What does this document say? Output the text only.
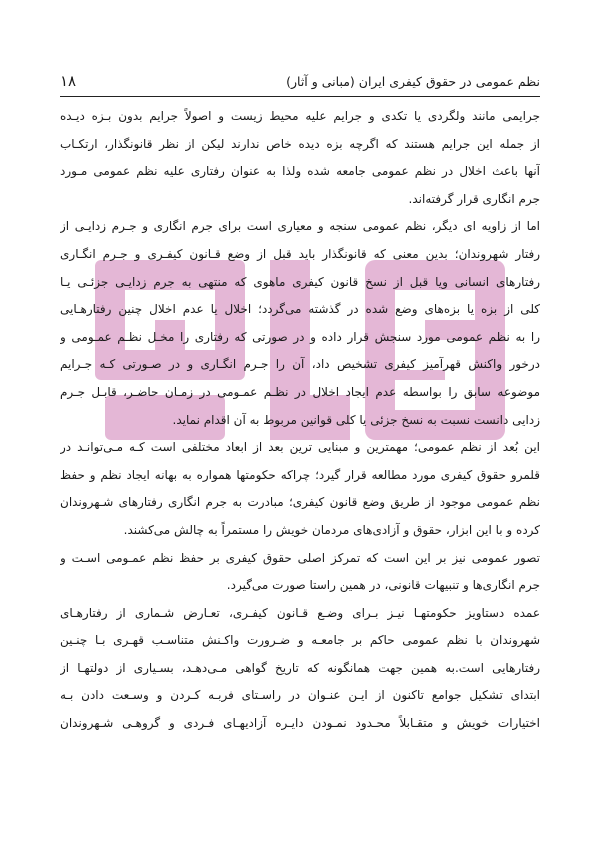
نظم عمومی در حقوق کیفری ایران (مبانی و آثار)
۱۸
جرایمی مانند ولگردی یا تکدی و جرایم علیه محیط زیست و اصولاً جرایم بدون بـزه دیـده
از جمله این جرایم هستند که اگرچه بزه دیده خاص ندارند لیکن از نظر قانونگذار، ارتکـاب
آنها باعث اخلال در نظم عمومی جامعه شده ولذا به عنوان رفتاری علیه نظم عمومی مـورد
جرم انگاری قرار گرفته‌اند.
اما از زاویه ای دیگر، نظم عمومی سنجه و معیاری است برای جرم انگاری و جـرم زدایـی از
رفتار شهروندان؛ بدین معنی که قانونگذار باید قبل از وضع قـانون کیفـری و جـرم انگـاری
رفتارهای انسانی ویا قبل از نسخ قانون کیفری ماهوی که منتهی به جرم زدایـی جزئـی یـا
کلی از بزه یا بزه‌های وضع شده در گذشته می‌گردد؛ اخلال یا عدم اخلال چنین رفتارهـایی
را به نظم عمومی مورد سنجش قرار داده و در صورتی که رفتاری را مخـل نظـم عمـومی و
درخور واکنش قهرآمیز کیفری تشخیص داد، آن را جـرم انگـاری و در صـورتی کـه جـرایم
موضوعه سابق را بواسطه عدم ایجاد اخلال در نظـم عمـومی در زمـان حاضـر، قابـل جـرم
زدایی دانست نسبت به نسخ جزئی یا کلی قوانین مربوط به آن اقدام نماید.
این بُعد از نظم عمومی؛ مهمترین و مبنایی ترین بعد از ابعاد مختلفی است کـه مـی‌توانـد در
قلمرو حقوق کیفری مورد مطالعه قرار گیرد؛ چراکه حکومتها همواره به بهانه ایجاد نظم و حفظ
نظم عمومی موجود از طریق وضع قانون کیفری؛ مبادرت به جرم انگاری رفتارهای شـهروندان
کرده و با این ابزار، حقوق و آزادی‌های مردمان خویش را مستمراً به چالش می‌کشند.
تصور عمومی نیز بر این است که تمرکز اصلی حقوق کیفری بر حفظ نظم عمـومی اسـت و
جرم انگاری‌ها و تنبیهات قانونی، در همین راستا صورت می‌گیرد.
عمده دستاویز حکومتهـا نیـز بـرای وضـع قـانون کیفـری، تعـارض شـماری از رفتارهـای
شهروندان با نظم عمومی حاکم بر جامعـه و ضـرورت واکـنش متناسـب قهـری بـا چنـین
رفتارهایی است.به همین جهت همانگونه که تاریخ گواهی مـی‌دهـد، بسـیاری از دولتهـا از
ابتدای تشکیل جوامع تاکنون از ایـن عنـوان در راسـتای فربـه کـردن و وسـعت دادن بـه
اختیارات خویش و متقـابلاً محـدود نمـودن دایـره آزادیهـای فـردی و گروهـی شـهروندان
